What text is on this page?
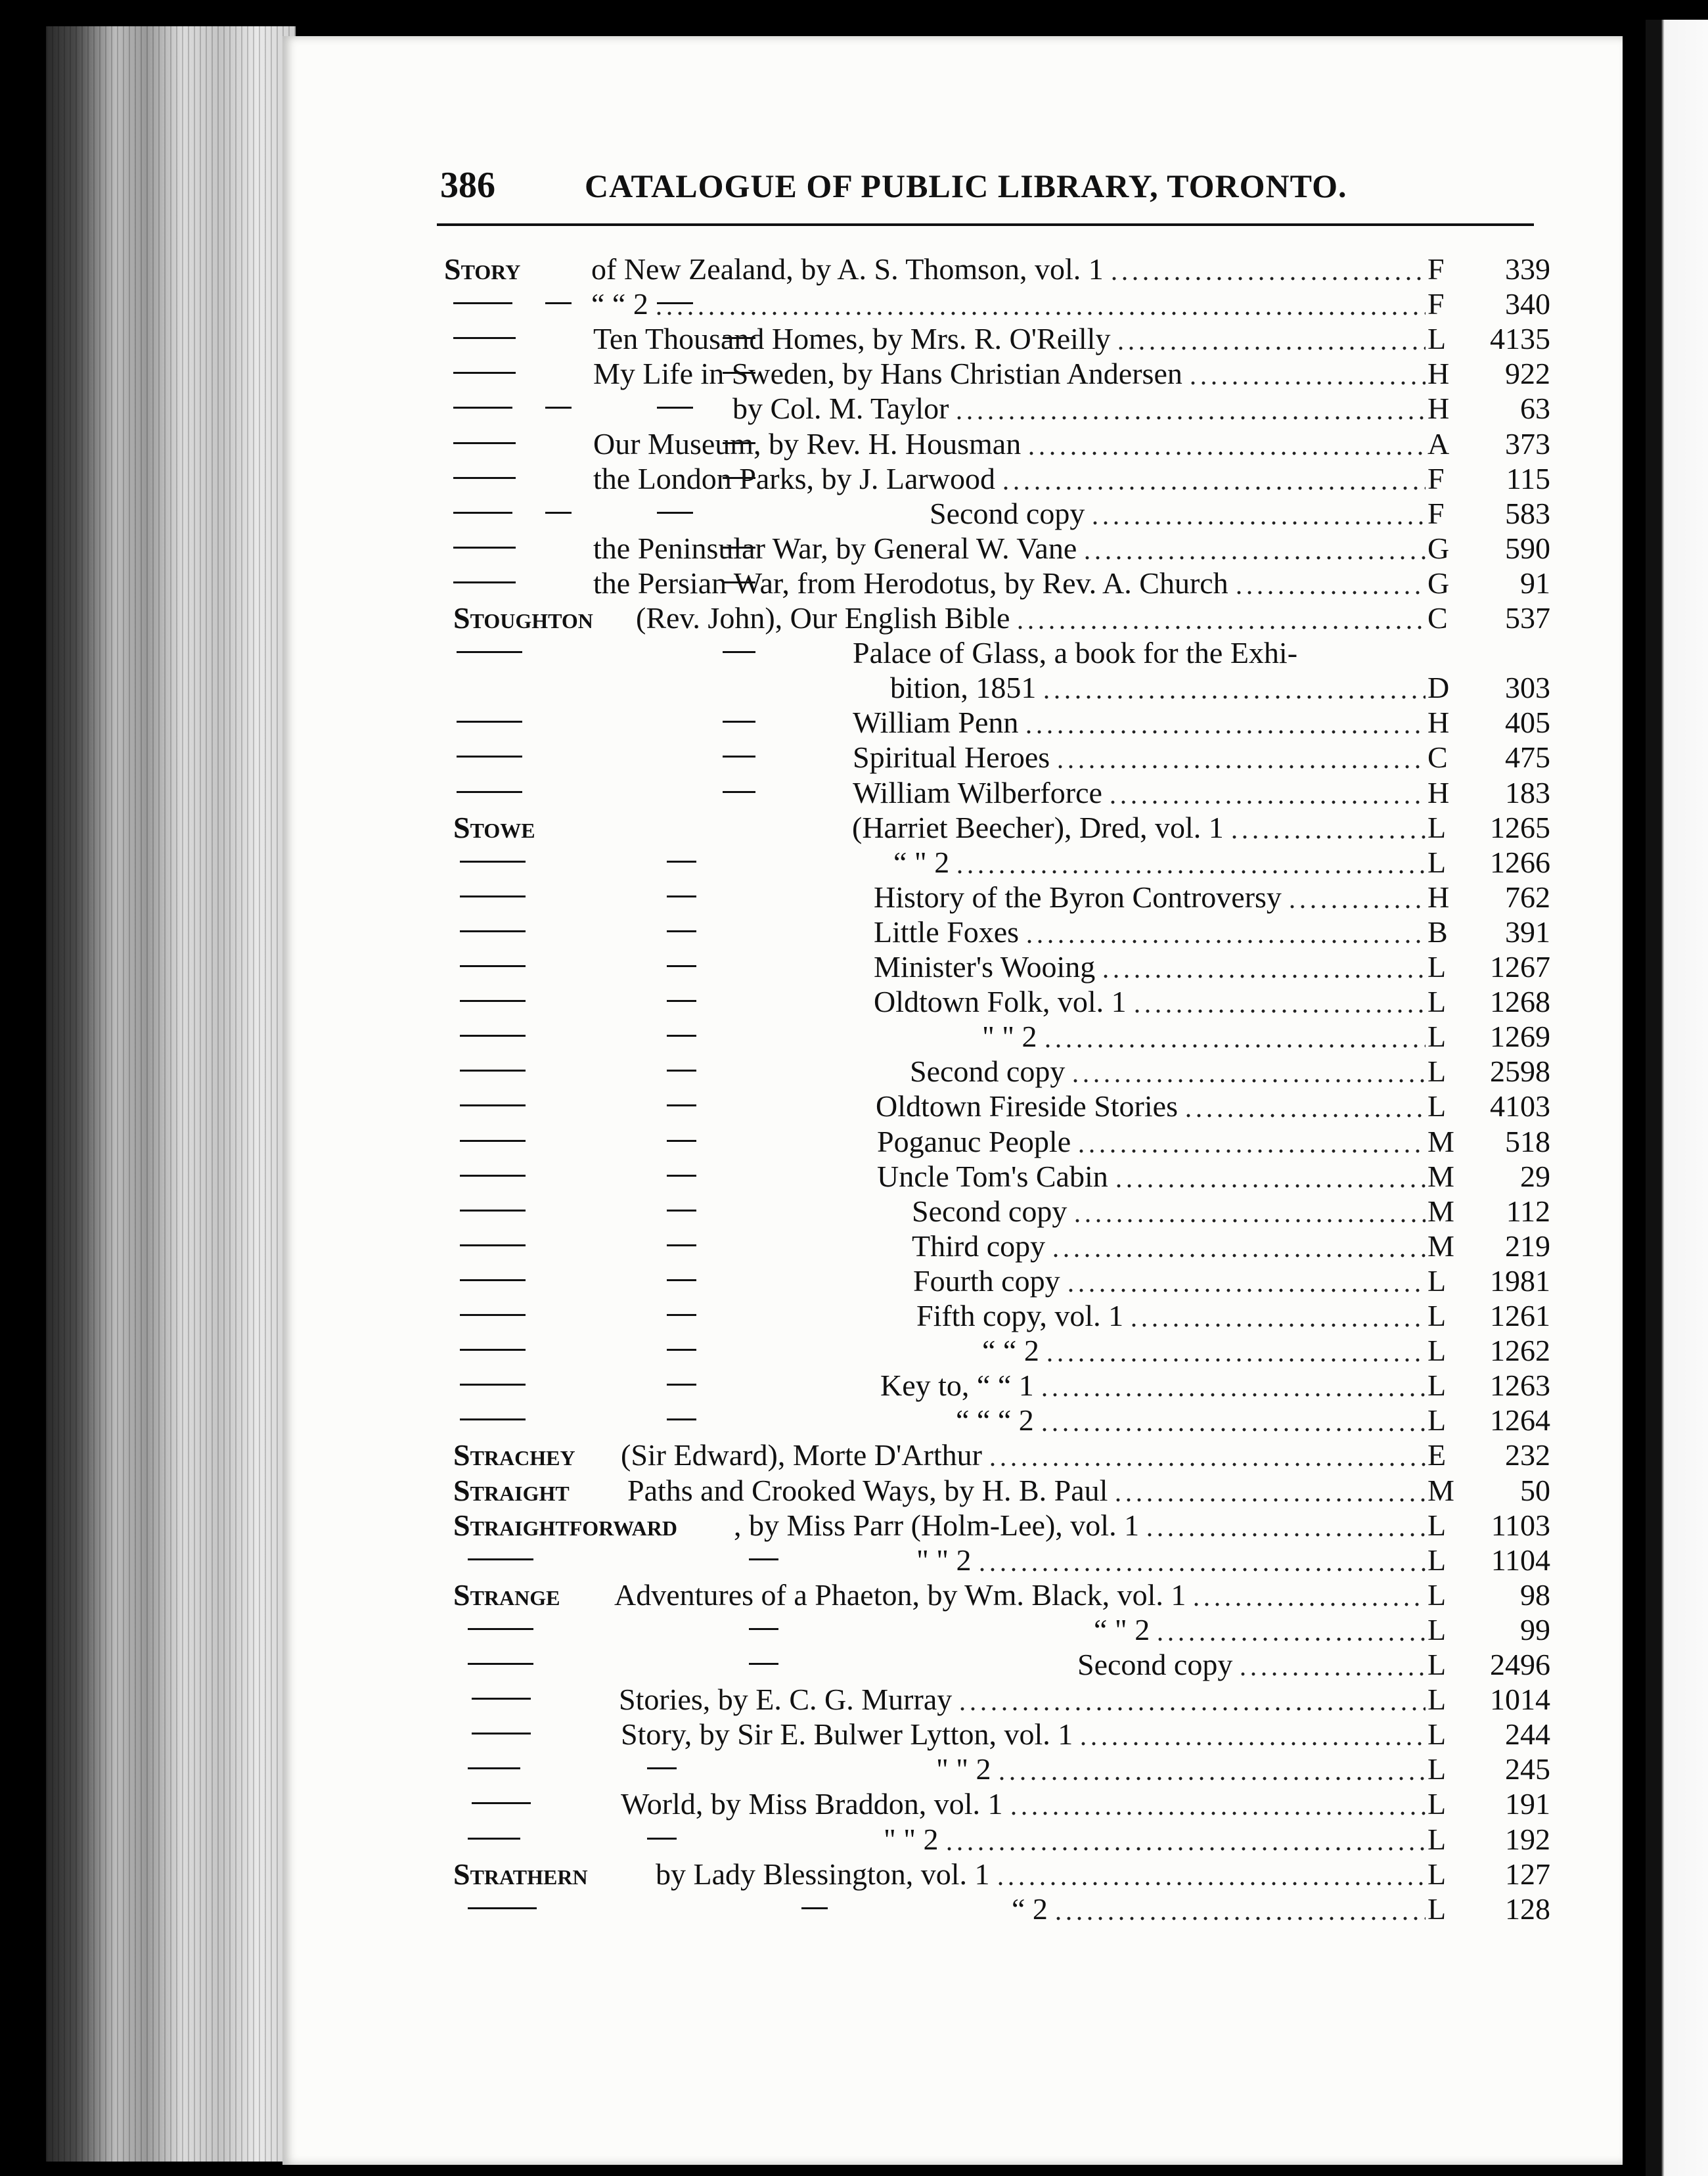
386	CATALOGUE OF PUBLIC LIBRARY, TORONTO.
Story of New Zealand, by A. S. Thomson, vol. 1	F	339
“ “ 2	F	340
Ten Thousand Homes, by Mrs. R. O'Reilly	L	4135
My Life in Sweden, by Hans Christian Andersen	H	922
by Col. M. Taylor	H	63
Our Museum, by Rev. H. Housman	A	373
the London Parks, by J. Larwood	F	115
Second copy	F	583
the Peninsular War, by General W. Vane	G	590
the Persian War, from Herodotus, by Rev. A. Church	G	91
Stoughton (Rev. John), Our English Bible	C	537
Palace of Glass, a book for the Exhi-
bition, 1851	D	303
William Penn	H	405
Spiritual Heroes	C	475
William Wilberforce	H	183
Stowe	(Harriet Beecher), Dred, vol. 1	L	1265
“ " 2	L	1266
History of the Byron Controversy	H	762
Little Foxes	B	391
Minister's Wooing	L	1267
Oldtown Folk, vol. 1	L	1268
" " 2	L	1269
Second copy	L	2598
Oldtown Fireside Stories	L	4103
Poganuc People	M	518
Uncle Tom's Cabin	M	29
Second copy	M	112
Third copy	M	219
Fourth copy	L	1981
Fifth copy, vol. 1	L	1261
“ “ 2	L	1262
Key to, “ “ 1	L	1263
“ “ “ 2	L	1264
Strachey (Sir Edward), Morte D'Arthur	E	232
Straight Paths and Crooked Ways, by H. B. Paul	M	50
Straightforward , by Miss Parr (Holm-Lee), vol. 1	L	1103
" " 2	L	1104
Strange Adventures of a Phaeton, by Wm. Black, vol. 1	L	98
“ " 2	L	99
Second copy	L	2496
Stories, by E. C. G. Murray	L	1014
Story, by Sir E. Bulwer Lytton, vol. 1	L	244
" " 2	L	245
World, by Miss Braddon, vol. 1	L	191
" " 2	L	192
Strathern by Lady Blessington, vol. 1	L	127
“ 2	L	128
